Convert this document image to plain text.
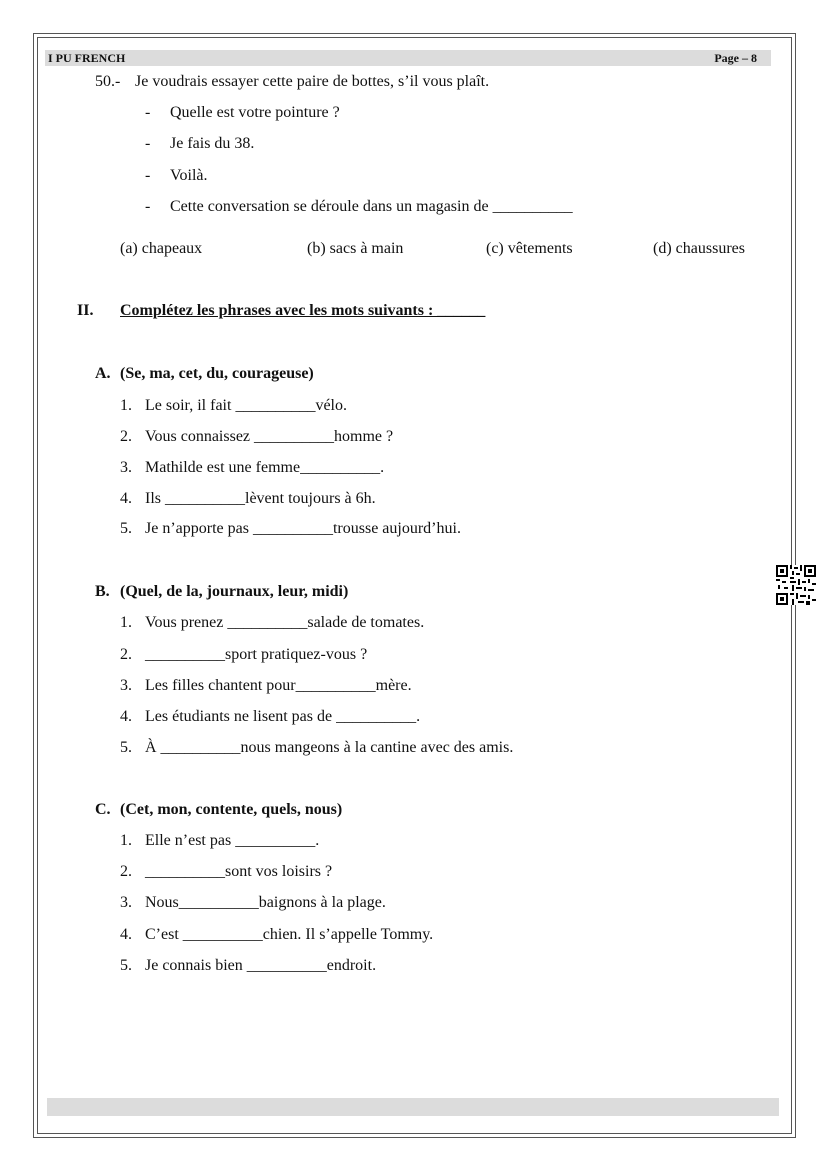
I PU FRENCH	Page – 8
50.- Je voudrais essayer cette paire de bottes, s’il vous plaît.
- Quelle est votre pointure ?
- Je fais du 38.
- Voilà.
- Cette conversation se déroule dans un magasin de __________
(a) chapeaux	(b) sacs à main	(c) vêtements	(d) chaussures
II. Complétez les phrases avec les mots suivants : ______
A. (Se, ma, cet, du, courageuse)
1. Le soir, il fait __________vélo.
2. Vous connaissez __________homme ?
3. Mathilde est une femme__________.
4. Ils __________lèvent toujours à 6h.
5. Je n’apporte pas __________trousse aujourd’hui.
B. (Quel, de la, journaux, leur, midi)
1. Vous prenez __________salade de tomates.
2. __________sport pratiquez-vous ?
3. Les filles chantent pour__________mère.
4. Les étudiants ne lisent pas de __________.
5. À __________nous mangeons à la cantine avec des amis.
C. (Cet, mon, contente, quels, nous)
1. Elle n’est pas __________.
2. __________sont vos loisirs ?
3. Nous__________baignons à la plage.
4. C’est __________chien. Il s’appelle Tommy.
5. Je connais bien __________endroit.
